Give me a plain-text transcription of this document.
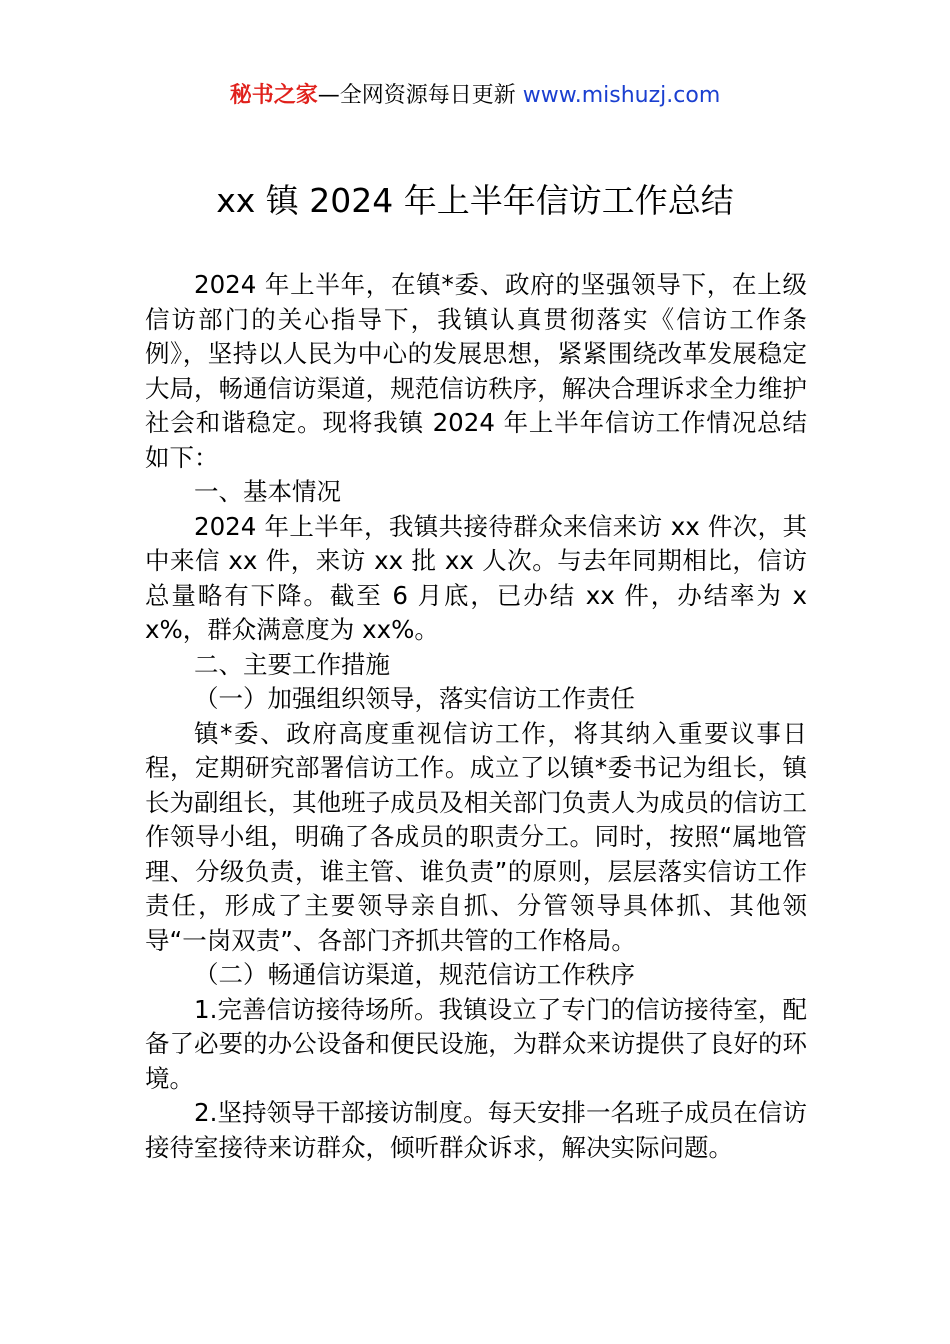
秘书之家—全网资源每日更新 www.mishuzj.com
xx 镇 2024 年上半年信访工作总结

2024 年上半年，在镇*委、政府的坚强领导下，在上级信访部门的关心指导下，我镇认真贯彻落实《信访工作条例》，坚持以人民为中心的发展思想，紧紧围绕改革发展稳定大局，畅通信访渠道，规范信访秩序，解决合理诉求全力维护社会和谐稳定。现将我镇 2024 年上半年信访工作情况总结如下：

一、基本情况

2024 年上半年，我镇共接待群众来信来访 xx 件次，其中来信 xx 件，来访 xx 批 xx 人次。与去年同期相比，信访总量略有下降。截至 6 月底，已办结 xx 件，办结率为 xx%，群众满意度为 xx%。

二、主要工作措施

（一）加强组织领导，落实信访工作责任

镇*委、政府高度重视信访工作，将其纳入重要议事日程，定期研究部署信访工作。成立了以镇*委书记为组长，镇长为副组长，其他班子成员及相关部门负责人为成员的信访工作领导小组，明确了各成员的职责分工。同时，按照“属地管理、分级负责，谁主管、谁负责”的原则，层层落实信访工作责任，形成了主要领导亲自抓、分管领导具体抓、其他领导“一岗双责”、各部门齐抓共管的工作格局。

（二）畅通信访渠道，规范信访工作秩序

1.完善信访接待场所。我镇设立了专门的信访接待室，配备了必要的办公设备和便民设施，为群众来访提供了良好的环境。

2.坚持领导干部接访制度。每天安排一名班子成员在信访接待室接待来访群众，倾听群众诉求，解决实际问题。
